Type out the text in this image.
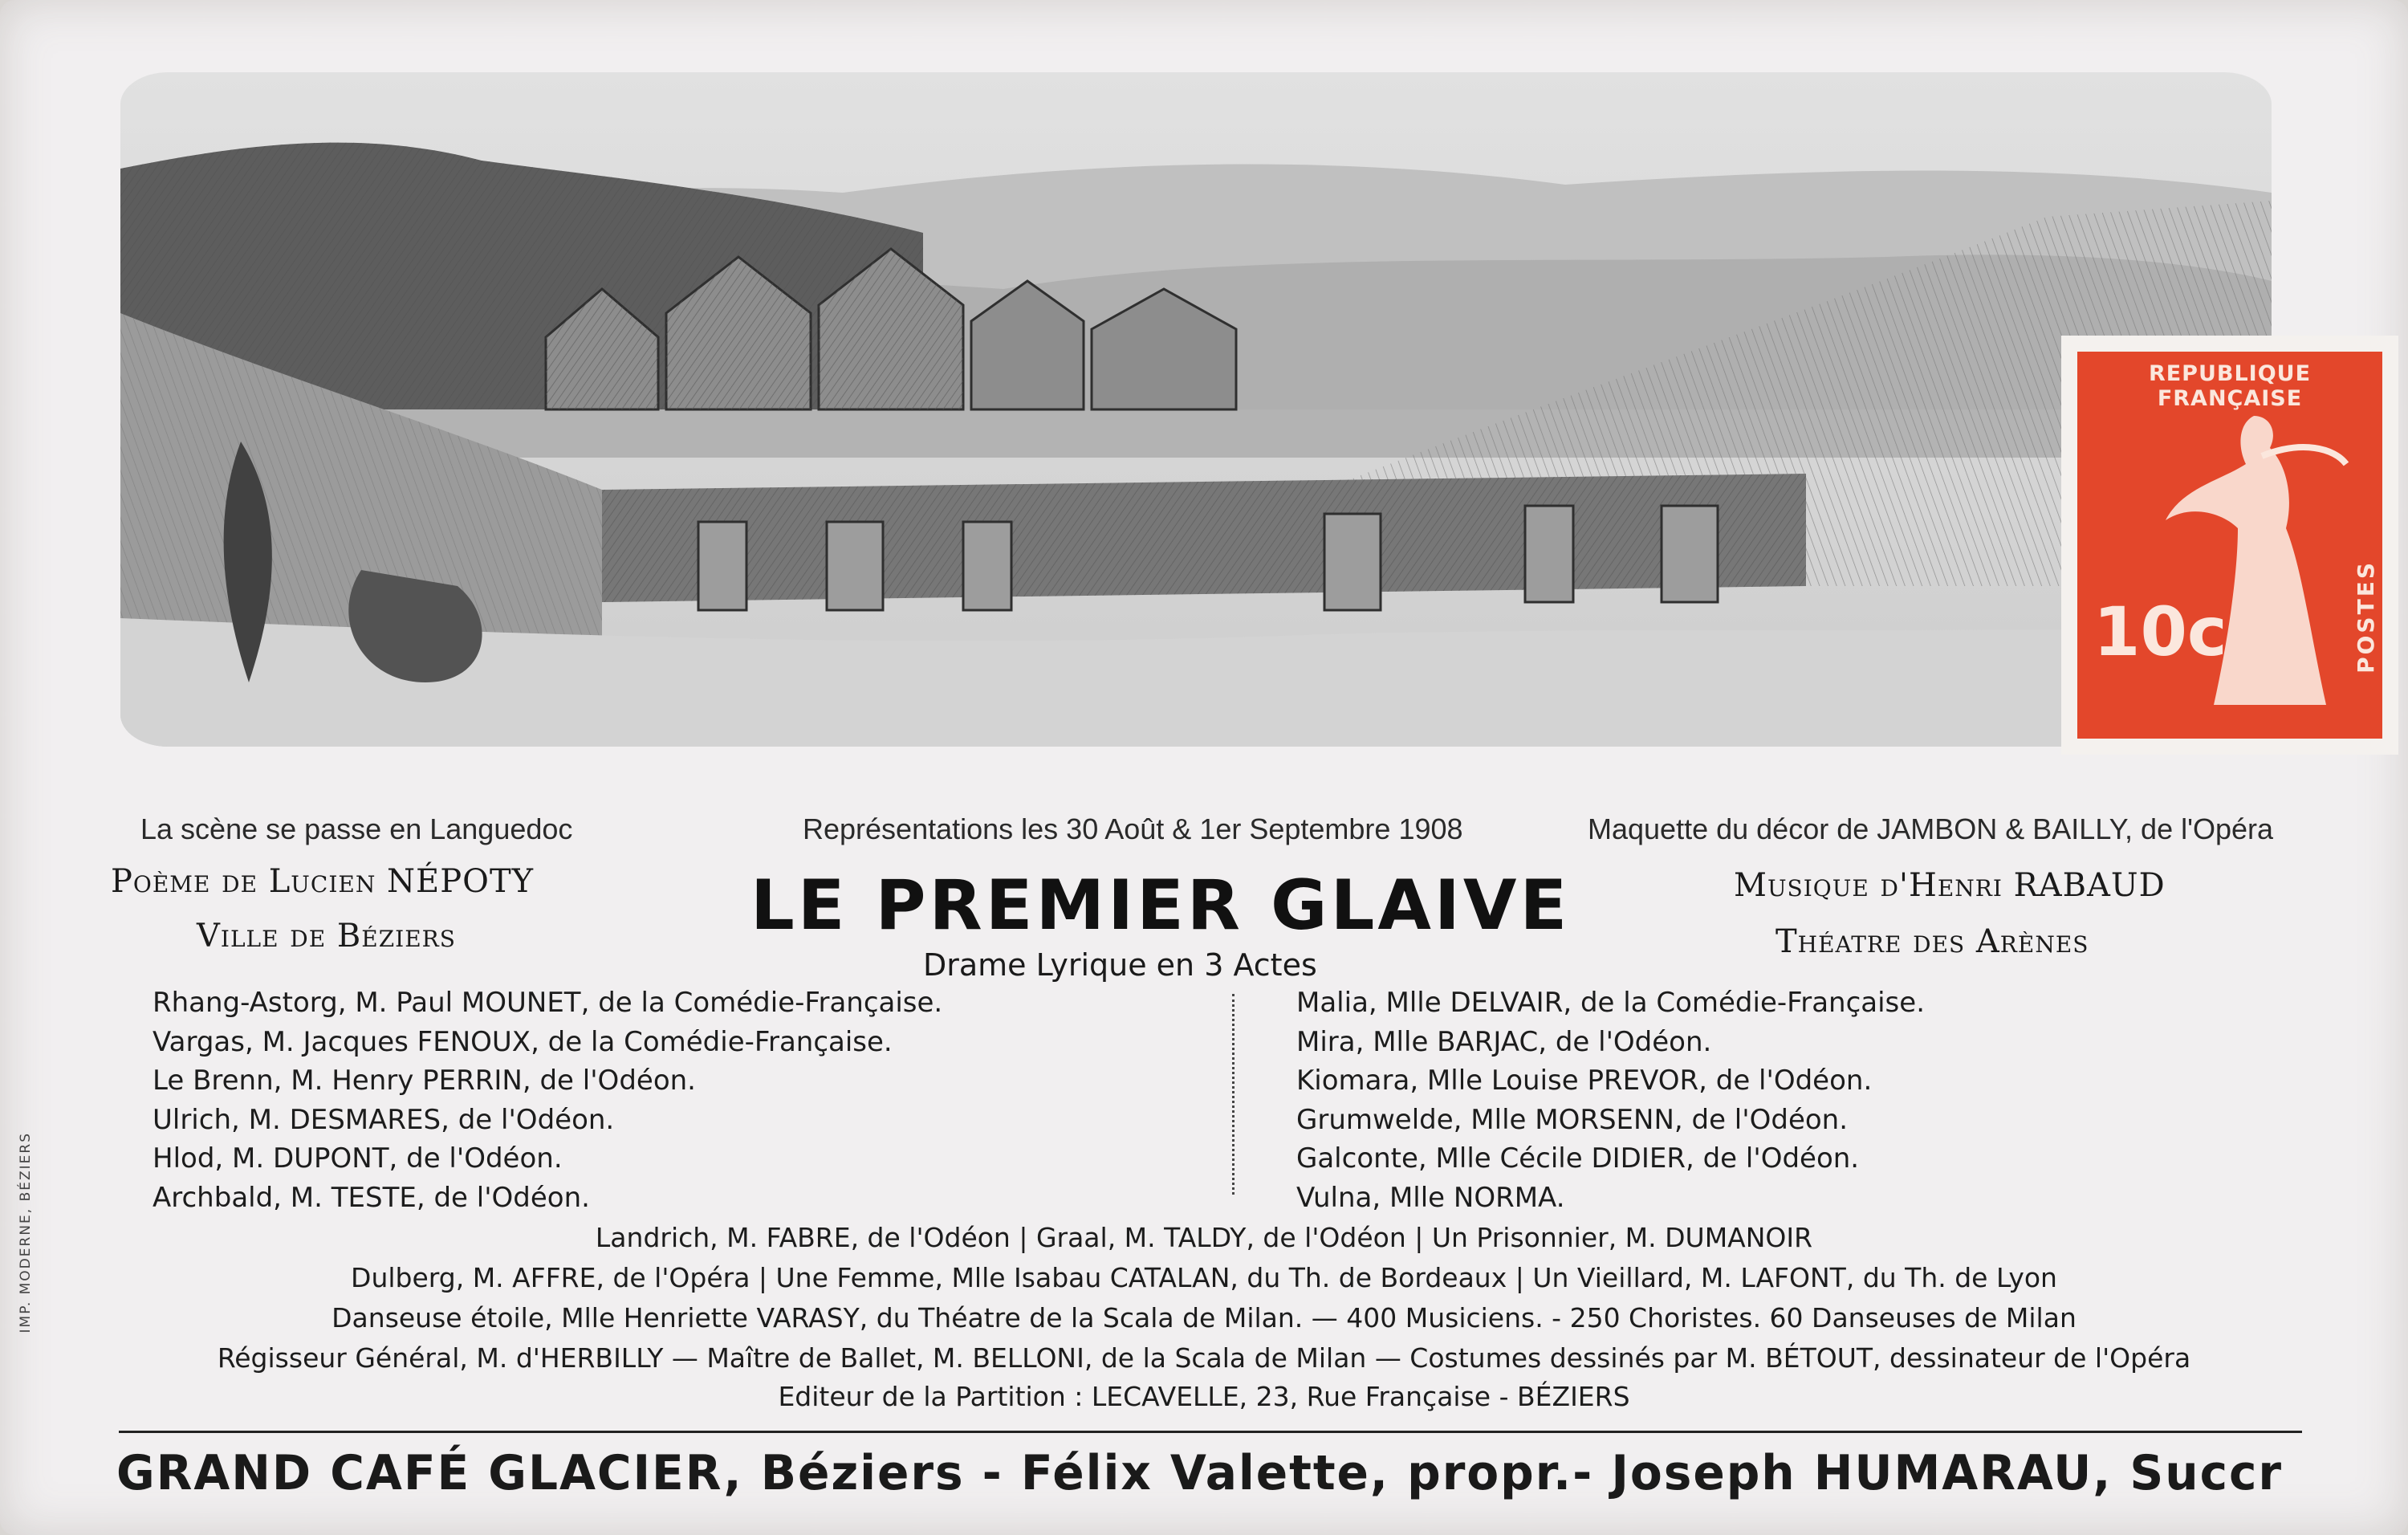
REPUBLIQUE FRANÇAISE
10c	POSTES
IMP. MODERNE, BÉZIERS
La scène se passe en Languedoc	Représentations les 30 Août & 1er Septembre 1908	Maquette du décor de JAMBON & BAILLY, de l'Opéra
Poème de Lucien NÉPOTY
Ville de Béziers	LE PREMIER GLAIVE
Drame Lyrique en 3 Actes
Musique d'Henri RABAUD
Théatre des Arènes
Rhang-Astorg, M. Paul MOUNET, de la Comédie-Française.
Vargas, M. Jacques FENOUX, de la Comédie-Française.
Le Brenn, M. Henry PERRIN, de l'Odéon.
Ulrich, M. DESMARES, de l'Odéon.
Hlod, M. DUPONT, de l'Odéon.
Archbald, M. TESTE, de l'Odéon.
Malia, Mlle DELVAIR, de la Comédie-Française.
Mira, Mlle BARJAC, de l'Odéon.
Kiomara, Mlle Louise PREVOR, de l'Odéon.
Grumwelde, Mlle MORSENN, de l'Odéon.
Galconte, Mlle Cécile DIDIER, de l'Odéon.
Vulna, Mlle NORMA.
Landrich, M. FABRE, de l'Odéon | Graal, M. TALDY, de l'Odéon | Un Prisonnier, M. DUMANOIR
Dulberg, M. AFFRE, de l'Opéra | Une Femme, Mlle Isabau CATALAN, du Th. de Bordeaux | Un Vieillard, M. LAFONT, du Th. de Lyon
Danseuse étoile, Mlle Henriette VARASY, du Théatre de la Scala de Milan. — 400 Musiciens. - 250 Choristes. 60 Danseuses de Milan
Régisseur Général, M. d'HERBILLY — Maître de Ballet, M. BELLONI, de la Scala de Milan — Costumes dessinés par M. BÉTOUT, dessinateur de l'Opéra
Editeur de la Partition : LECAVELLE, 23, Rue Française - BÉZIERS
GRAND CAFÉ GLACIER, Béziers - Félix Valette, propr.- Joseph HUMARAU, Succr
